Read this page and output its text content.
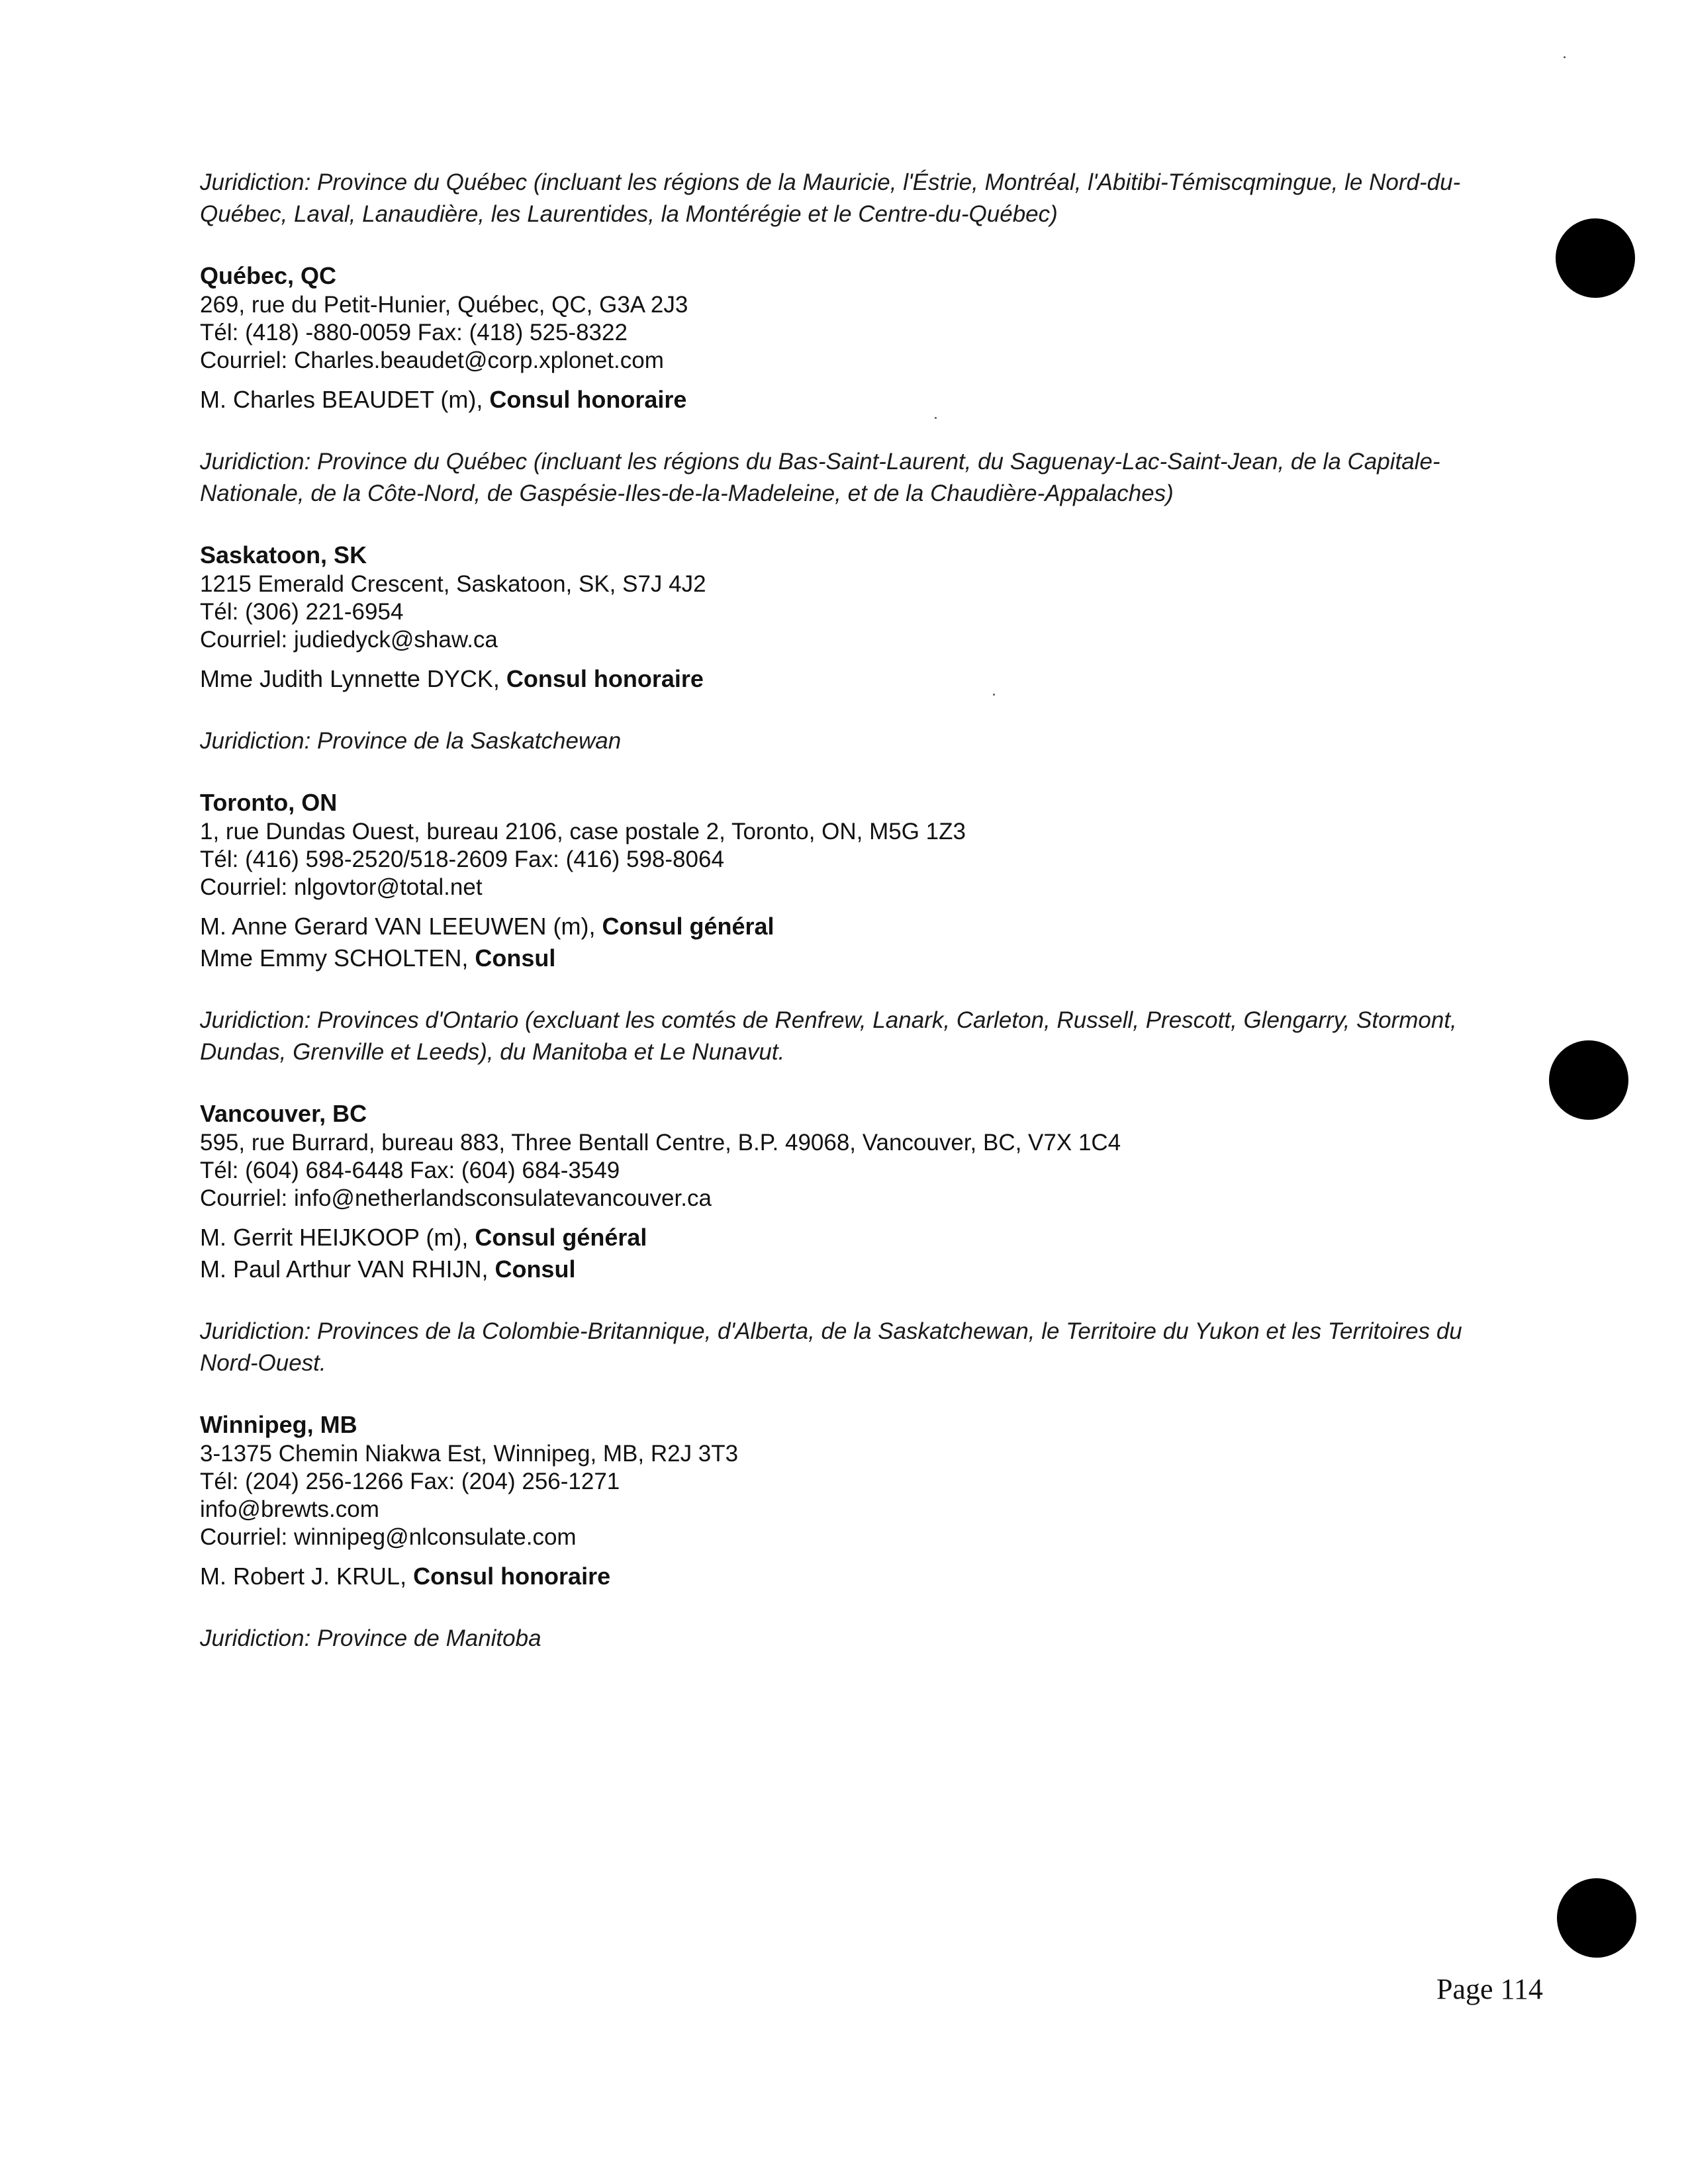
Juridiction: Province du Québec (incluant les régions de la Mauricie, l'Éstrie, Montréal, l'Abitibi-Témiscqmingue, le Nord-du-Québec, Laval, Lanaudière, les Laurentides, la Montérégie et le Centre-du-Québec)

Québec, QC

269, rue du Petit-Hunier, Québec, QC, G3A 2J3

Tél: (418) -880-0059 Fax: (418) 525-8322

Courriel: Charles.beaudet@corp.xplonet.com

M. Charles BEAUDET (m), Consul honoraire

Juridiction: Province du Québec (incluant les régions du Bas-Saint-Laurent, du Saguenay-Lac-Saint-Jean, de la Capitale-Nationale, de la Côte-Nord, de Gaspésie-Iles-de-la-Madeleine, et de la Chaudière-Appalaches)

Saskatoon, SK

1215 Emerald Crescent, Saskatoon, SK, S7J 4J2

Tél: (306) 221-6954

Courriel: judiedyck@shaw.ca

Mme Judith Lynnette DYCK, Consul honoraire

Juridiction: Province de la Saskatchewan

Toronto, ON

1, rue Dundas Ouest, bureau 2106, case postale 2, Toronto, ON, M5G 1Z3

Tél: (416) 598-2520/518-2609 Fax: (416) 598-8064

Courriel: nlgovtor@total.net

M. Anne Gerard VAN LEEUWEN (m), Consul général

Mme Emmy SCHOLTEN, Consul

Juridiction: Provinces d'Ontario (excluant les comtés de Renfrew, Lanark, Carleton, Russell, Prescott, Glengarry, Stormont, Dundas, Grenville et Leeds), du Manitoba et Le Nunavut.

Vancouver, BC

595, rue Burrard, bureau 883, Three Bentall Centre, B.P. 49068, Vancouver, BC, V7X 1C4

Tél: (604) 684-6448 Fax: (604) 684-3549

Courriel: info@netherlandsconsulatevancouver.ca

M. Gerrit HEIJKOOP (m), Consul général

M. Paul Arthur VAN RHIJN, Consul

Juridiction: Provinces de la Colombie-Britannique, d'Alberta, de la Saskatchewan, le Territoire du Yukon et les Territoires du Nord-Ouest.

Winnipeg, MB

3-1375 Chemin Niakwa Est, Winnipeg, MB, R2J 3T3

Tél: (204) 256-1266 Fax: (204) 256-1271

info@brewts.com

Courriel: winnipeg@nlconsulate.com

M. Robert J. KRUL, Consul honoraire

Juridiction: Province de Manitoba

Page 114
